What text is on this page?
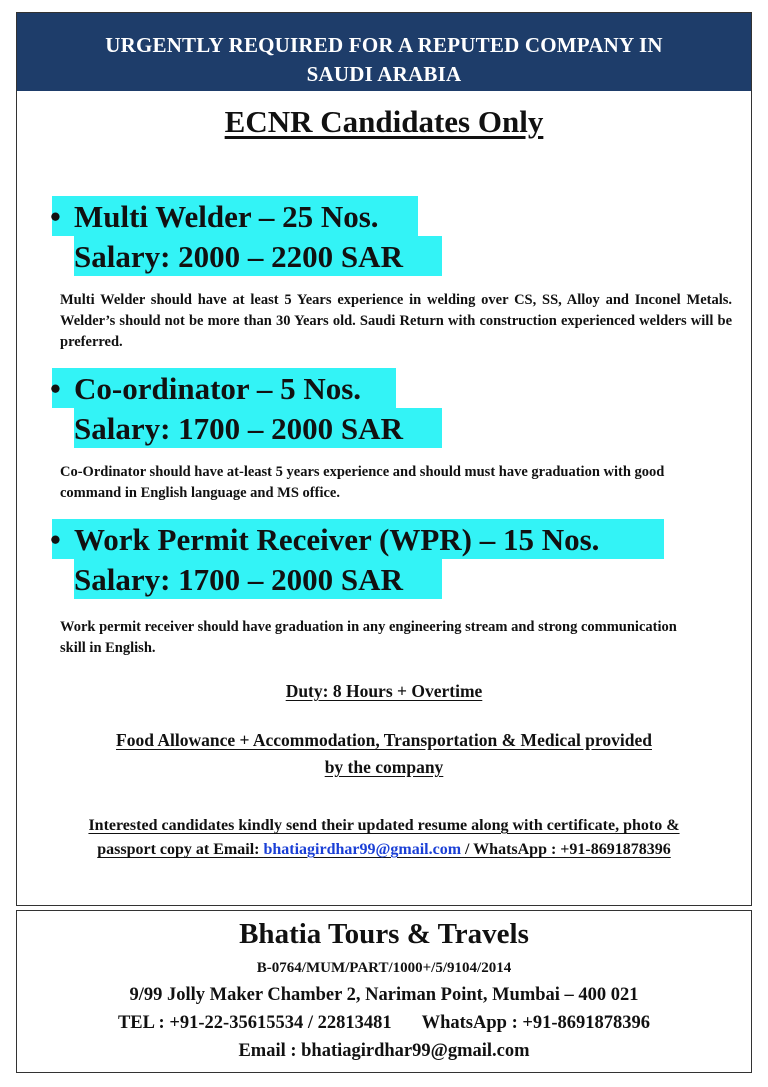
URGENTLY REQUIRED FOR A REPUTED COMPANY IN
SAUDI ARABIA
ECNR Candidates Only
• Multi Welder – 25 Nos.
Salary: 2000 – 2200 SAR
Multi Welder should have at least 5 Years experience in welding over CS, SS, Alloy and Inconel Metals. Welder’s should not be more than 30 Years old. Saudi Return with construction experienced welders will be preferred.
• Co-ordinator – 5 Nos.
Salary: 1700 – 2000 SAR
Co-Ordinator should have at-least 5 years experience and should must have graduation with good command in English language and MS office.
• Work Permit Receiver (WPR) – 15 Nos.
Salary: 1700 – 2000 SAR
Work permit receiver should have graduation in any engineering stream and strong communication skill in English.
Duty: 8 Hours + Overtime
Food Allowance + Accommodation, Transportation & Medical provided
by the company
Interested candidates kindly send their updated resume along with certificate, photo &
passport copy at Email: bhatiagirdhar99@gmail.com / WhatsApp : +91-8691878396
Bhatia Tours & Travels
B-0764/MUM/PART/1000+/5/9104/2014
9/99 Jolly Maker Chamber 2, Nariman Point, Mumbai – 400 021
TEL : +91-22-35615534 / 22813481 WhatsApp : +91-8691878396
Email : bhatiagirdhar99@gmail.com
